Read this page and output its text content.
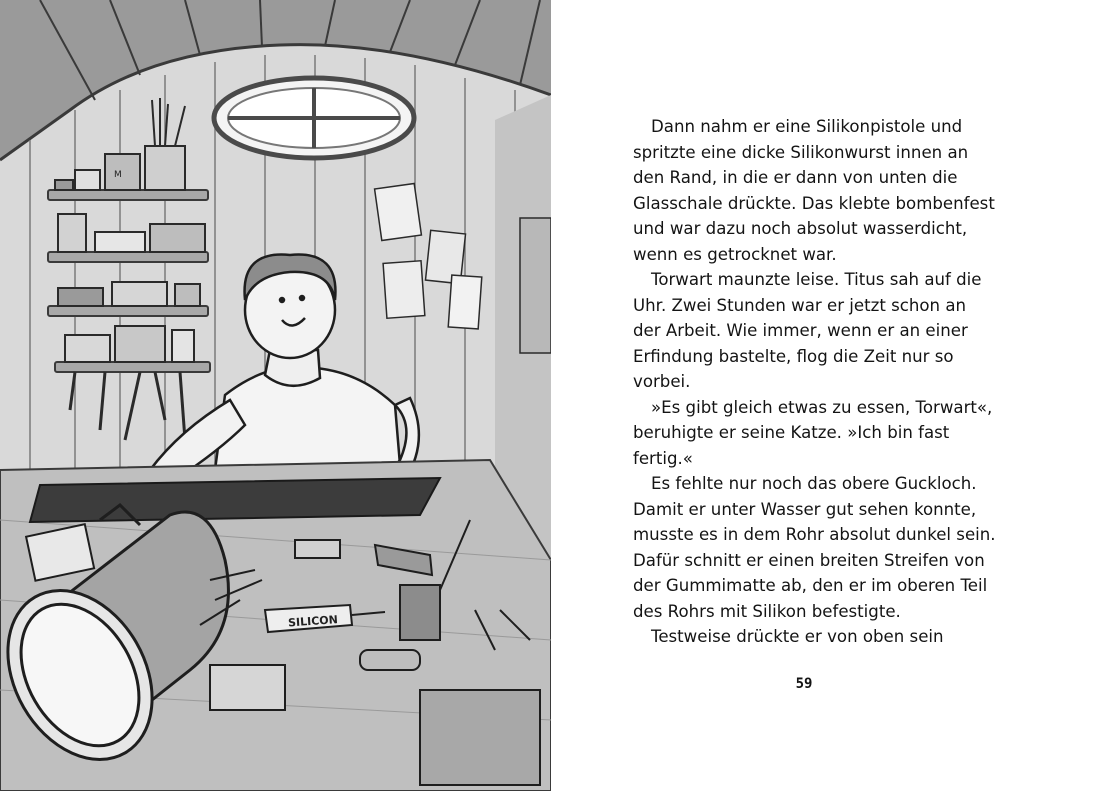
M
SILICON

Dann nahm er eine Silikonpistole und
spritzte eine dicke Silikonwurst innen an
den Rand, in die er dann von unten die
Glasschale drückte. Das klebte bombenfest
und war dazu noch absolut wasserdicht,
wenn es getrocknet war.

Torwart maunzte leise. Titus sah auf die
Uhr. Zwei Stunden war er jetzt schon an
der Arbeit. Wie immer, wenn er an einer
Erfindung bastelte, flog die Zeit nur so
vorbei.

»Es gibt gleich etwas zu essen, Torwart«,
beruhigte er seine Katze. »Ich bin fast
fertig.«

Es fehlte nur noch das obere Guckloch.
Damit er unter Wasser gut sehen konnte,
musste es in dem Rohr absolut dunkel sein.
Dafür schnitt er einen breiten Streifen von
der Gummimatte ab, den er im oberen Teil
des Rohrs mit Silikon befestigte.

Testweise drückte er von oben sein

59
